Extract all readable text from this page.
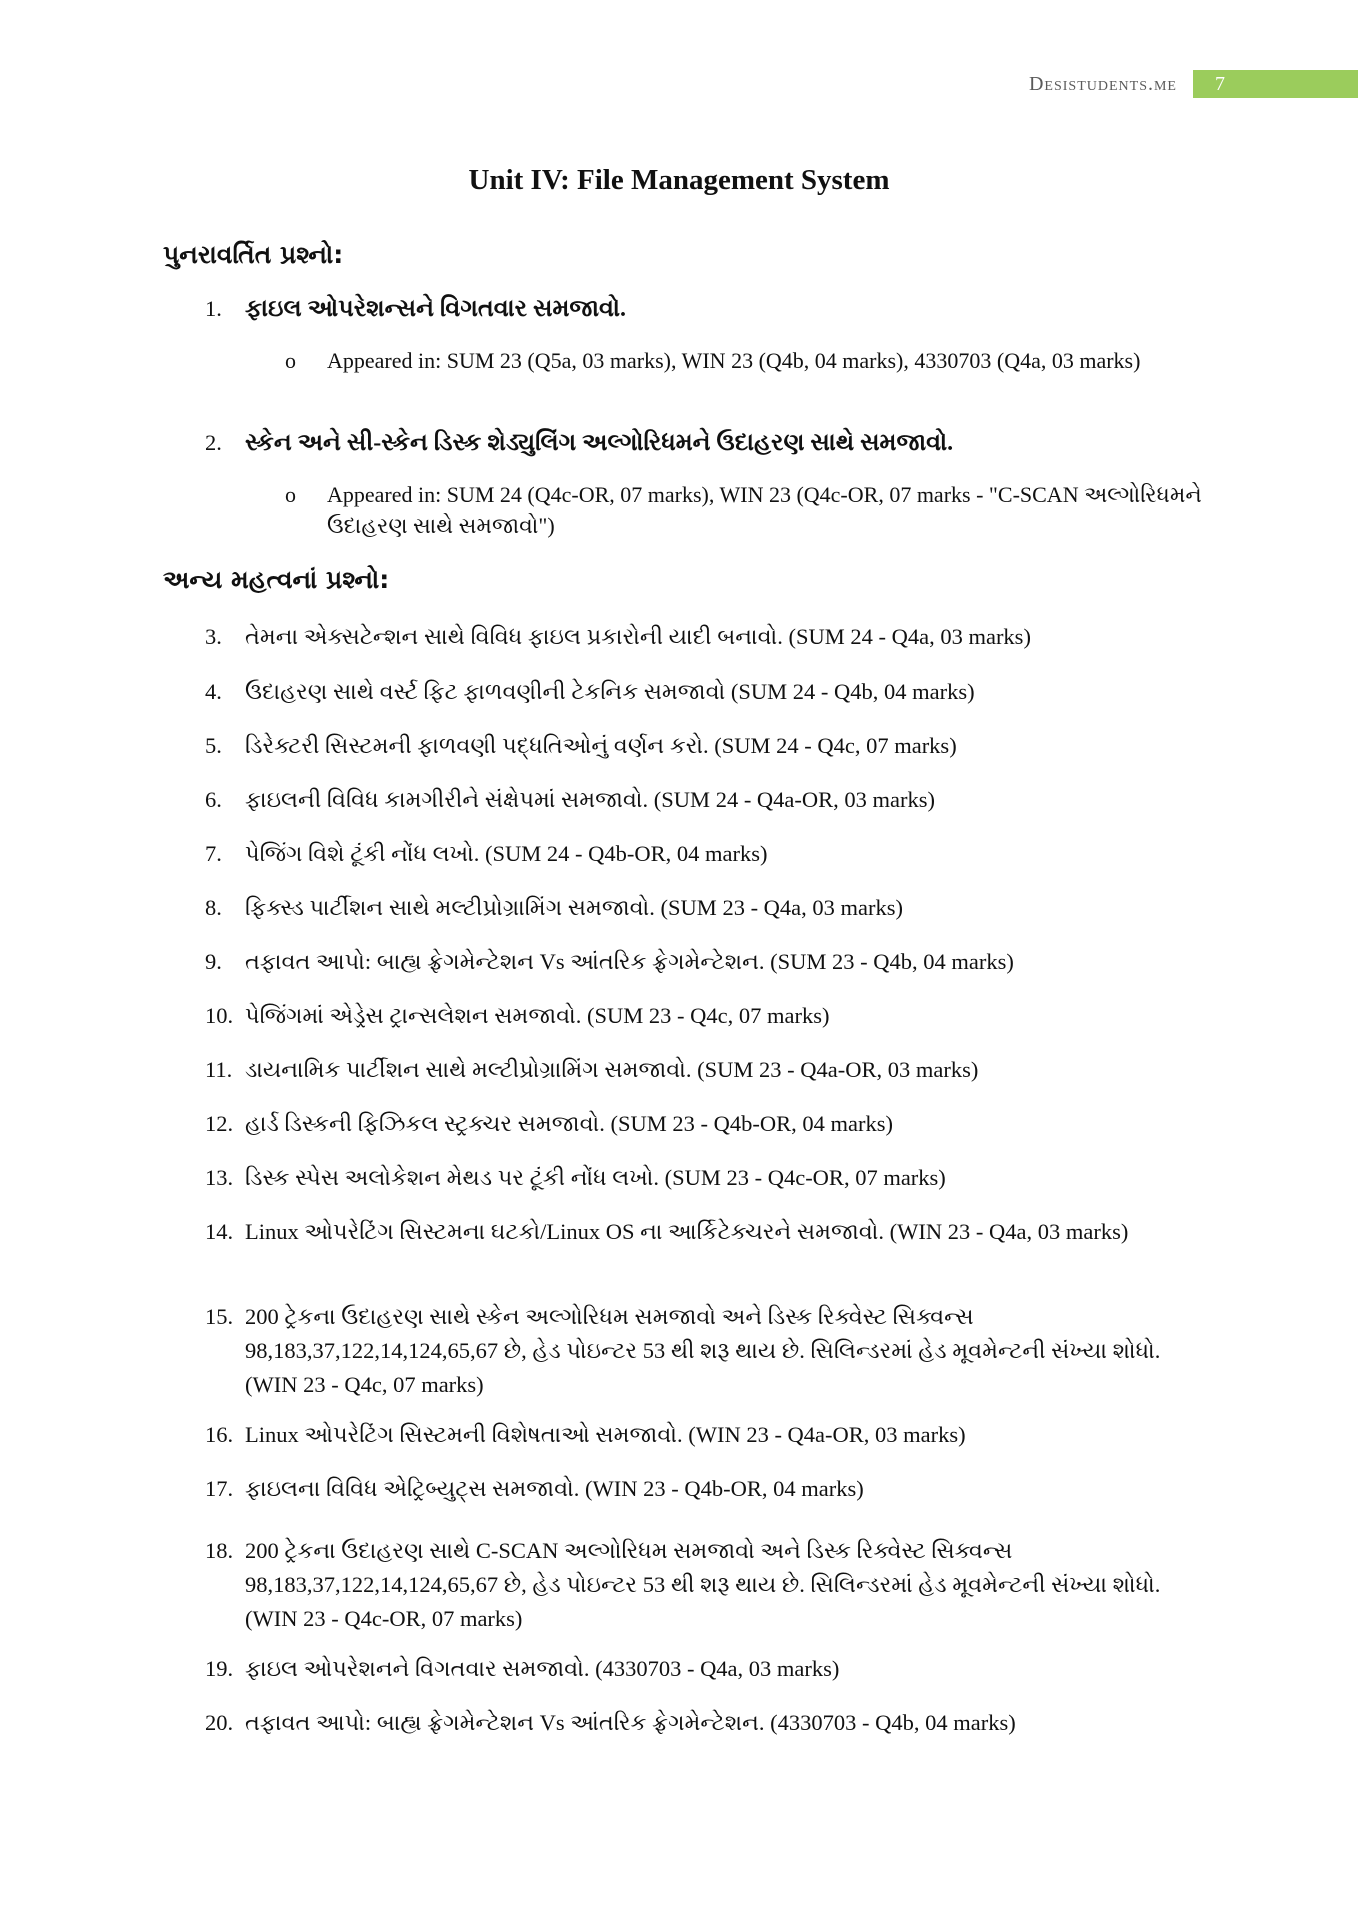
Desistudents.me	7
Unit IV: File Management System
પુનરાવર્તિત પ્રશ્નો:
1. ફાઇલ ઓપરેશન્સને વિગતવાર સમજાવો.
o Appeared in: SUM 23 (Q5a, 03 marks), WIN 23 (Q4b, 04 marks), 4330703 (Q4a, 03 marks)
2. સ્કેન અને સી-સ્કેન ડિસ્ક શેડ્યુલિંગ અલ્ગોરિધમને ઉદાહરણ સાથે સમજાવો.
o Appeared in: SUM 24 (Q4c-OR, 07 marks), WIN 23 (Q4c-OR, 07 marks - "C-SCAN અલ્ગોરિધમને ઉદાહરણ સાથે સમજાવો")
અન્ય મહત્વનાં પ્રશ્નો:
3.	તેમના એક્સટેન્શન સાથે વિવિધ ફાઇલ પ્રકારોની યાદી બનાવો. (SUM 24 - Q4a, 03 marks)
4.	ઉદાહરણ સાથે વર્સ્ટ ફિટ ફાળવણીની ટેકનિક સમજાવો (SUM 24 - Q4b, 04 marks)
5.	ડિરેક્ટરી સિસ્ટમની ફાળવણી પદ્ધતિઓનું વર્ણન કરો. (SUM 24 - Q4c, 07 marks)
6.	ફાઇલની વિવિધ કામગીરીને સંક્ષેપમાં સમજાવો. (SUM 24 - Q4a-OR, 03 marks)
7.	પેજિંગ વિશે ટૂંકી નોંધ લખો. (SUM 24 - Q4b-OR, 04 marks)
8.	ફિક્સ્ડ પાર્ટીશન સાથે મલ્ટીપ્રોગ્રામિંગ સમજાવો. (SUM 23 - Q4a, 03 marks)
9.	તફાવત આપો: બાહ્ય ફ્રેગમેન્ટેશન Vs આંતરિક ફ્રેગમેન્ટેશન. (SUM 23 - Q4b, 04 marks)
10. પેજિંગમાં એડ્રેસ ટ્રાન્સલેશન સમજાવો. (SUM 23 - Q4c, 07 marks)
11. ડાયનામિક પાર્ટીશન સાથે મલ્ટીપ્રોગ્રામિંગ સમજાવો. (SUM 23 - Q4a-OR, 03 marks)
12. હાર્ડ ડિસ્કની ફિઝિકલ સ્ટ્રક્ચર સમજાવો. (SUM 23 - Q4b-OR, 04 marks)
13. ડિસ્ક સ્પેસ અલોકેશન મેથડ પર ટૂંકી નોંધ લખો. (SUM 23 - Q4c-OR, 07 marks)
14. Linux ઓપરેટિંગ સિસ્ટમના ઘટકો/Linux OS ના આર્કિટેક્ચરને સમજાવો. (WIN 23 - Q4a, 03 marks)
15. 200 ટ્રેકના ઉદાહરણ સાથે સ્કેન અલ્ગોરિધમ સમજાવો અને ડિસ્ક રિક્વેસ્ટ સિક્વન્સ 98,183,37,122,14,124,65,67 છે, હેડ પોઇન્ટર 53 થી શરૂ થાય છે. સિલિન્ડરમાં હેડ મૂવમેન્ટની સંખ્યા શોધો. (WIN 23 - Q4c, 07 marks)
16. Linux ઓપરેટિંગ સિસ્ટમની વિશેષતાઓ સમજાવો. (WIN 23 - Q4a-OR, 03 marks)
17. ફાઇલના વિવિધ એટ્રિબ્યુટ્સ સમજાવો. (WIN 23 - Q4b-OR, 04 marks)
18. 200 ટ્રેકના ઉદાહરણ સાથે C-SCAN અલ્ગોરિધમ સમજાવો અને ડિસ્ક રિક્વેસ્ટ સિક્વન્સ 98,183,37,122,14,124,65,67 છે, હેડ પોઇન્ટર 53 થી શરૂ થાય છે. સિલિન્ડરમાં હેડ મૂવમેન્ટની સંખ્યા શોધો. (WIN 23 - Q4c-OR, 07 marks)
19. ફાઇલ ઓપરેશનને વિગતવાર સમજાવો. (4330703 - Q4a, 03 marks)
20. તફાવત આપો: બાહ્ય ફ્રેગમેન્ટેશન Vs આંતરિક ફ્રેગમેન્ટેશન. (4330703 - Q4b, 04 marks)
